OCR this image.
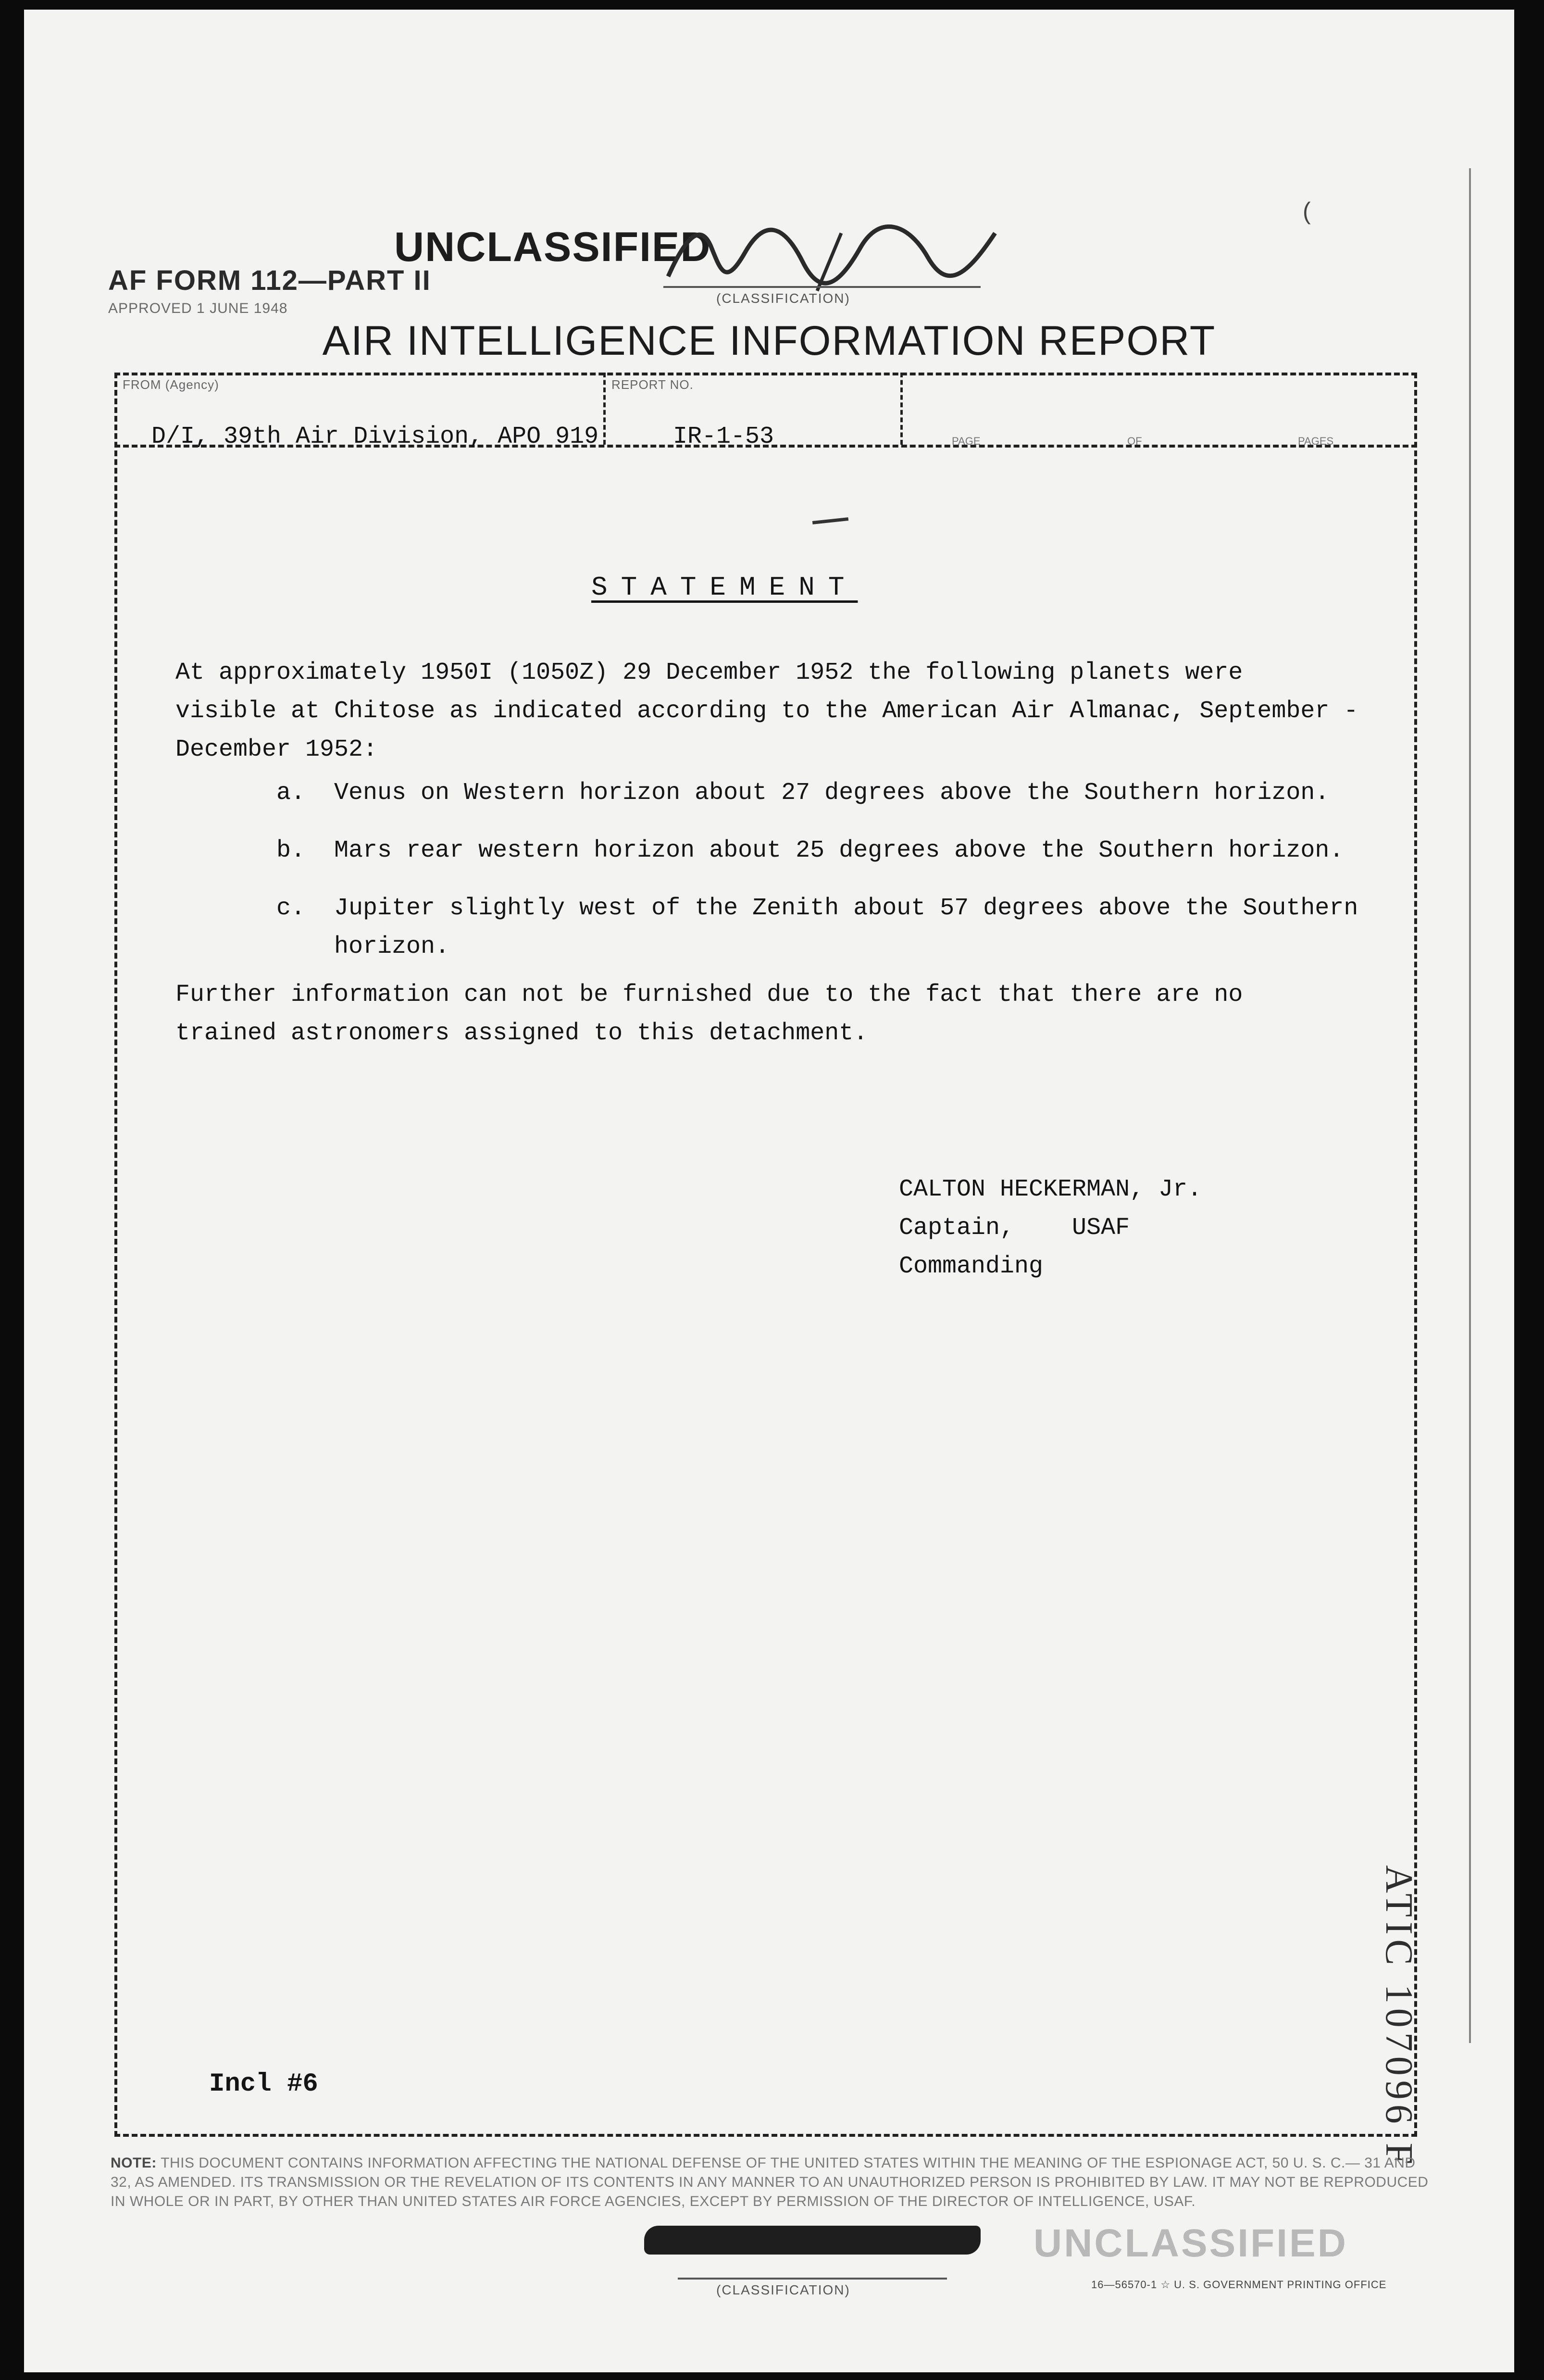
UNCLASSIFIED
(CLASSIFICATION)
(
AF FORM 112—PART II
APPROVED 1 JUNE 1948
AIR INTELLIGENCE INFORMATION REPORT
FROM (Agency)
D/I, 39th Air Division, APO 919
REPORT NO.
IR-1-53	PAGE	OF	PAGES
STATEMENT
At approximately 1950I (1050Z) 29 December 1952 the following planets were
visible at Chitose as indicated according to the American Air Almanac, September -
December 1952:
a.  Venus on Western horizon about 27 degrees above the Southern horizon.
b.  Mars rear western horizon about 25 degrees above the Southern horizon.
c.  Jupiter slightly west of the Zenith about 57 degrees above the Southern
horizon.
Further information can not be furnished due to the fact that there are no
trained astronomers assigned to this detachment.
CALTON HECKERMAN, Jr.
Captain,    USAF
Commanding
Incl #6	ATIC 107096 F
NOTE: THIS DOCUMENT CONTAINS INFORMATION AFFECTING THE NATIONAL DEFENSE OF THE UNITED STATES WITHIN THE MEANING OF THE ESPIONAGE ACT, 50 U. S. C.— 31 AND 32, AS AMENDED. ITS TRANSMISSION OR THE REVELATION OF ITS CONTENTS IN ANY MANNER TO AN UNAUTHORIZED PERSON IS PROHIBITED BY LAW. IT MAY NOT BE REPRODUCED IN WHOLE OR IN PART, BY OTHER THAN UNITED STATES AIR FORCE AGENCIES, EXCEPT BY PERMISSION OF THE DIRECTOR OF INTELLIGENCE, USAF.
(CLASSIFICATION)
UNCLASSIFIED
16—56570-1 ☆ U. S. GOVERNMENT PRINTING OFFICE
